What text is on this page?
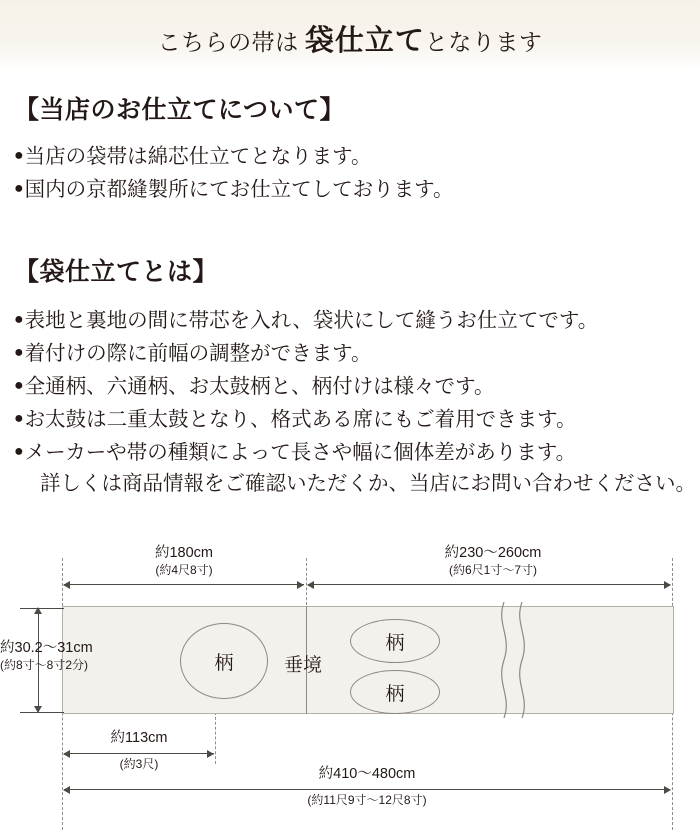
こちらの帯は 袋仕立てとなります
【当店のお仕立てについて】

●当店の袋帯は綿芯仕立てとなります。

●国内の京都縫製所にてお仕立てしております。

【袋仕立てとは】

●表地と裏地の間に帯芯を入れ、袋状にして縫うお仕立てです。

●着付けの際に前幅の調整ができます。

●全通柄、六通柄、お太鼓柄と、柄付けは様々です。

●お太鼓は二重太鼓となり、格式ある席にもご着用できます。

●メーカーや帯の種類によって長さや幅に個体差があります。

詳しくは商品情報をご確認いただくか、当店にお問い合わせください。

約180cm
(約4尺8寸)
約230〜260cm
(約6尺1寸〜7寸)
柄
柄
柄
垂境
約30.2〜31cm
(約8寸〜8寸2分)
約113cm
(約3尺)
約410〜480cm
(約11尺9寸〜12尺8寸)
